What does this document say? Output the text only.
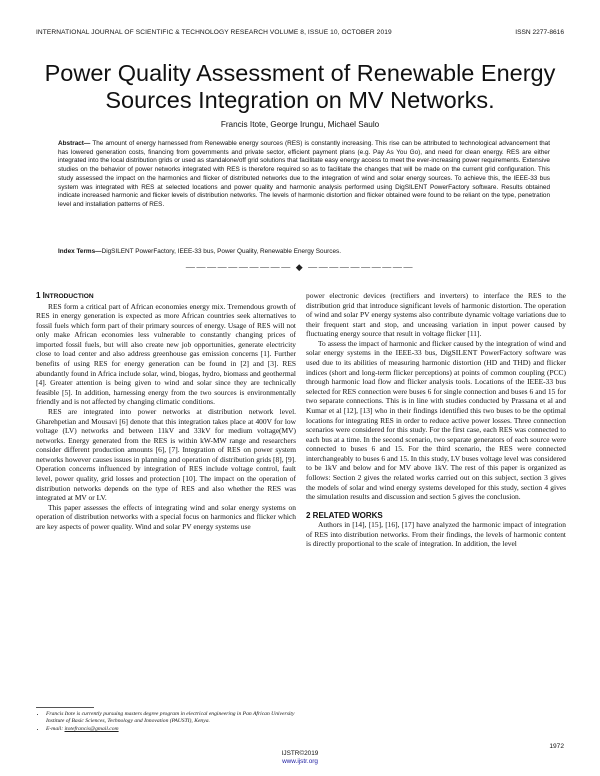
INTERNATIONAL JOURNAL OF SCIENTIFIC & TECHNOLOGY RESEARCH VOLUME 8, ISSUE 10, OCTOBER 2019	ISSN 2277-8616
Power Quality Assessment of Renewable Energy Sources Integration on MV Networks.
Francis Itote, George Irungu, Michael Saulo
Abstract— The amount of energy harnessed from Renewable energy sources (RES) is constantly increasing. This rise can be attributed to technological advancement that has lowered generation costs, financing from governments and private sector, efficient payment plans (e.g. Pay As You Go), and need for clean energy. RES are either integrated into the local distribution grids or used as standalone/off grid solutions that facilitate easy energy access to meet the ever-increasing power requirements. Extensive studies on the behavior of power networks integrated with RES is therefore required so as to facilitate the changes that will be made on the current grid configuration. This study assessed the impact on the harmonics and flicker of distributed networks due to the integration of wind and solar energy sources. To achieve this, the IEEE-33 bus system was integrated with RES at selected locations and power quality and harmonic analysis performed using DigSILENT PowerFactory software. Results obtained indicate increased harmonic and flicker levels of distribution networks. The levels of harmonic distortion and flicker obtained were found to be reliant on the type, penetration level and installation patterns of RES.
Index Terms—DigSILENT PowerFactory, IEEE-33 bus, Power Quality, Renewable Energy Sources.
—————————— ◆ ——————————

1 INTRODUCTION

RES form a critical part of African economies energy mix. Tremendous growth of RES in energy generation is expected as more African countries seek alternatives to fossil fuels which form part of their primary sources of energy. Usage of RES will not only make African economies less vulnerable to constantly changing prices of imported fossil fuels, but will also create new job opportunities, generate electricity close to load center and also address greenhouse gas emission concerns [1]. Further benefits of using RES for energy generation can be found in [2] and [3]. RES abundantly found in Africa include solar, wind, biogas, hydro, biomass and geothermal [4]. Greater attention is being given to wind and solar since they are technically feasible [5]. In addition, harnessing energy from the two sources is environmentally friendly and is not affected by changing climatic conditions.

RES are integrated into power networks at distribution network level. Gharehpetian and Mousavi [6] denote that this integration takes place at 400V for low voltage (LV) networks and between 11kV and 33kV for medium voltage(MV) networks. Energy generated from the RES is within kW-MW range and researchers consider different production amounts [6], [7]. Integration of RES on power system networks however causes issues in planning and operation of distribution grids [8], [9]. Operation concerns influenced by integration of RES include voltage control, fault level, power quality, grid losses and protection [10]. The impact on the operation of distribution networks depends on the type of RES and also whether the RES was integrated at MV or LV.

This paper assesses the effects of integrating wind and solar energy systems on operation of distribution networks with a special focus on harmonics and flicker which are key aspects of power quality. Wind and solar PV energy systems use

power electronic devices (rectifiers and inverters) to interface the RES to the distribution grid that introduce significant levels of harmonic distortion. The operation of wind and solar PV energy systems also contribute dynamic voltage variations due to their frequent start and stop, and unceasing variation in input power caused by fluctuating energy source that result in voltage flicker [11].

To assess the impact of harmonic and flicker caused by the integration of wind and solar energy systems in the IEEE-33 bus, DigSILENT PowerFactory software was used due to its abilities of measuring harmonic distortion (HD and THD) and flicker indices (short and long-term flicker perceptions) at points of common coupling (PCC) through harmonic load flow and flicker analysis tools. Locations of the IEEE-33 bus selected for RES connection were buses 6 for single connection and buses 6 and 15 for two separate connections. This is in line with studies conducted by Prassana et al and Kumar et al [12], [13] who in their findings identified this two buses to be the optimal locations for integrating RES in order to reduce active power losses. Three connection scenarios were considered for this study. For the first case, each RES was connected to each bus at a time. In the second scenario, two separate generators of each source were connected to buses 6 and 15. For the third scenario, the RES were connected interchangeably to buses 6 and 15. In this study, LV buses voltage level was considered to be 1kV and below and for MV above 1kV. The rest of this paper is organized as follows: Section 2 gives the related works carried out on this subject, section 3 gives the models of solar and wind energy systems developed for this study, section 4 gives the simulation results and discussion and section 5 gives the conclusion.

2 RELATED WORKS

Authors in [14], [15], [16], [17] have analyzed the harmonic impact of integration of RES into distribution networks. From their findings, the levels of harmonic content is directly proportional to the scale of integration. In addition, the level

• Francis Itote is currently pursuing masters degree program in electrical engineering in Pan African University Institute of Basic Sciences, Technology and Innovation (PAUSTI), Kenya.
• E-mail: itotefrancis@gmail.com
1972
IJSTR©2019
www.ijstr.org
